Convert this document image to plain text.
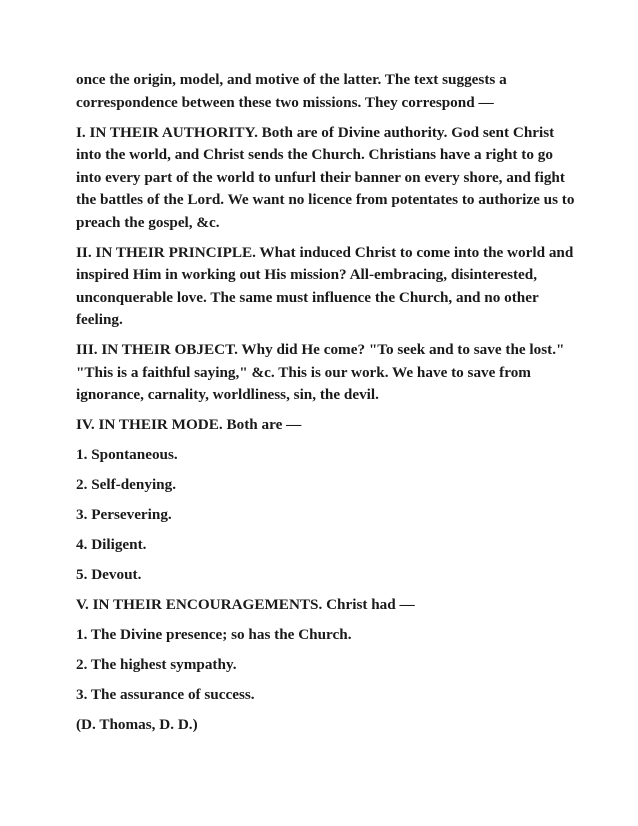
once the origin, model, and motive of the latter. The text suggests a correspondence between these two missions. They correspond —

I. IN THEIR AUTHORITY. Both are of Divine authority. God sent Christ into the world, and Christ sends the Church. Christians have a right to go into every part of the world to unfurl their banner on every shore, and fight the battles of the Lord. We want no licence from potentates to authorize us to preach the gospel, &c.

II. IN THEIR PRINCIPLE. What induced Christ to come into the world and inspired Him in working out His mission? All-embracing, disinterested, unconquerable love. The same must influence the Church, and no other feeling.

III. IN THEIR OBJECT. Why did He come? "To seek and to save the lost." "This is a faithful saying," &c. This is our work. We have to save from ignorance, carnality, worldliness, sin, the devil.

IV. IN THEIR MODE. Both are —

1. Spontaneous.

2. Self-denying.

3. Persevering.

4. Diligent.

5. Devout.

V. IN THEIR ENCOURAGEMENTS. Christ had —

1. The Divine presence; so has the Church.

2. The highest sympathy.

3. The assurance of success.

(D. Thomas, D. D.)
